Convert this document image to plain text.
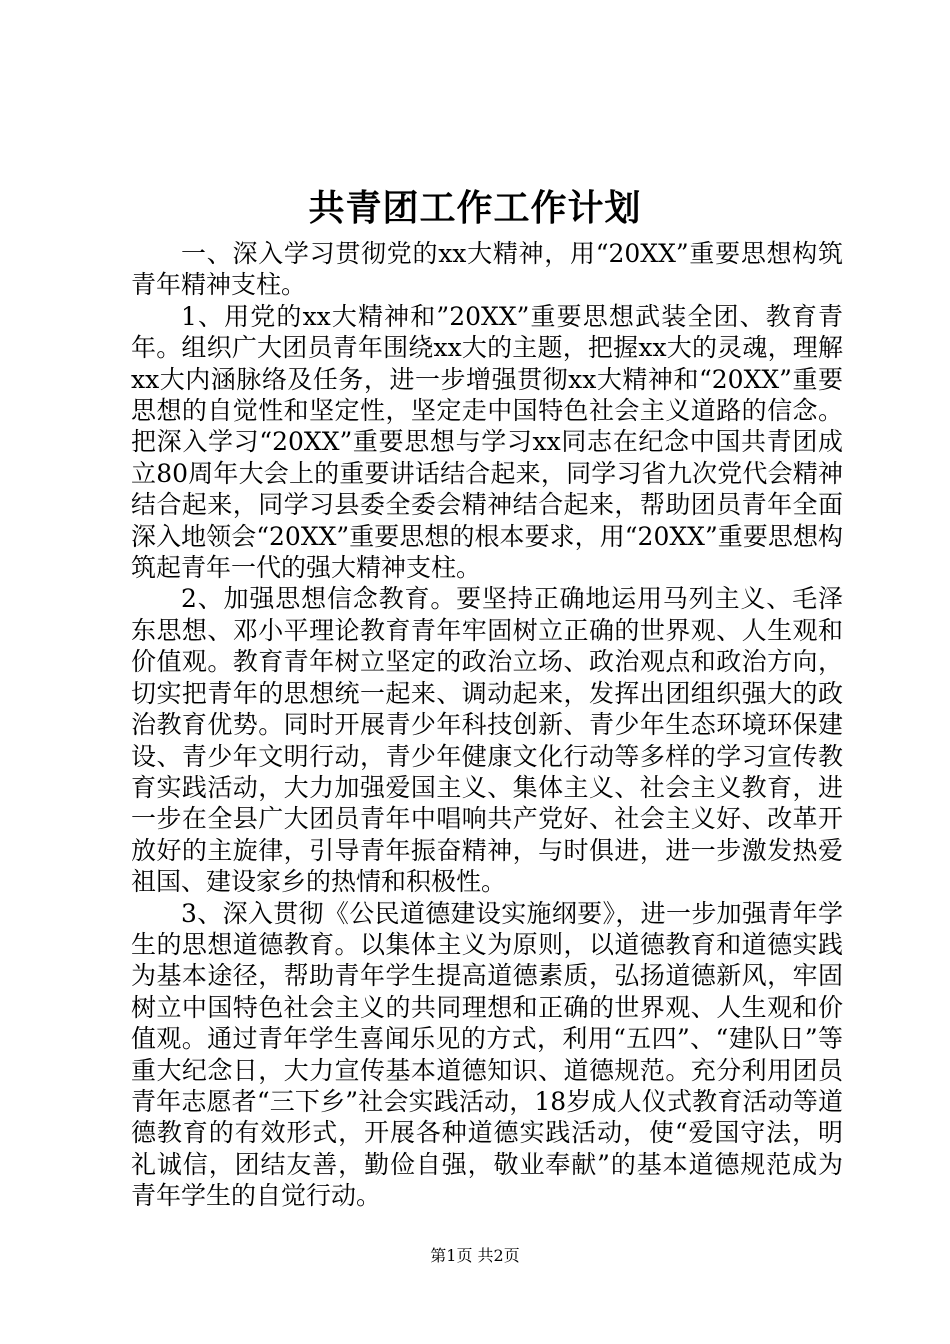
共青团工作工作计划

一、深入学习贯彻党的xx大精神，用“20XX”重要思想构筑青年精神支柱。

1、用党的xx大精神和”20XX”重要思想武装全团、教育青年。组织广大团员青年围绕xx大的主题，把握xx大的灵魂，理解xx大内涵脉络及任务，进一步增强贯彻xx大精神和“20XX”重要思想的自觉性和坚定性，坚定走中国特色社会主义道路的信念。把深入学习“20XX”重要思想与学习xx同志在纪念中国共青团成立80周年大会上的重要讲话结合起来，同学习省九次党代会精神结合起来，同学习县委全委会精神结合起来，帮助团员青年全面深入地领会“20XX”重要思想的根本要求，用“20XX”重要思想构筑起青年一代的强大精神支柱。

2、加强思想信念教育。要坚持正确地运用马列主义、毛泽东思想、邓小平理论教育青年牢固树立正确的世界观、人生观和价值观。教育青年树立坚定的政治立场、政治观点和政治方向，切实把青年的思想统一起来、调动起来，发挥出团组织强大的政治教育优势。同时开展青少年科技创新、青少年生态环境环保建设、青少年文明行动，青少年健康文化行动等多样的学习宣传教育实践活动，大力加强爱国主义、集体主义、社会主义教育，进一步在全县广大团员青年中唱响共产党好、社会主义好、改革开放好的主旋律，引导青年振奋精神，与时俱进，进一步激发热爱祖国、建设家乡的热情和积极性。

3、深入贯彻《公民道德建设实施纲要》，进一步加强青年学生的思想道德教育。以集体主义为原则，以道德教育和道德实践为基本途径，帮助青年学生提高道德素质，弘扬道德新风，牢固树立中国特色社会主义的共同理想和正确的世界观、人生观和价值观。通过青年学生喜闻乐见的方式，利用“五四”、“建队日”等重大纪念日，大力宣传基本道德知识、道德规范。充分利用团员青年志愿者“三下乡”社会实践活动，18岁成人仪式教育活动等道德教育的有效形式，开展各种道德实践活动，使“爱国守法，明礼诚信，团结友善，勤俭自强，敬业奉献”的基本道德规范成为青年学生的自觉行动。

第1页 共2页
